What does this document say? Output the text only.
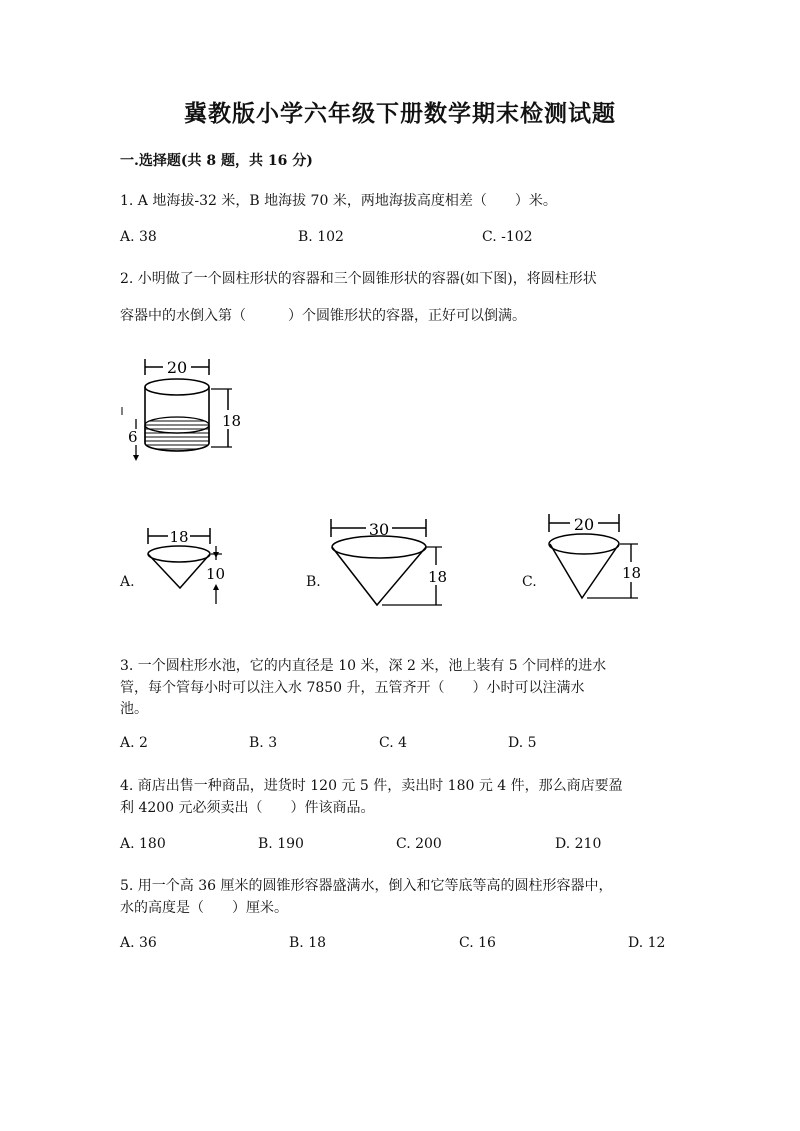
冀教版小学六年级下册数学期末检测试题
一.选择题(共 8 题，共 16 分)
1. A 地海拔-32 米，B 地海拔 70 米，两地海拔高度相差（　　）米。
A. 38	B. 102	C. -102
2. 小明做了一个圆柱形状的容器和三个圆锥形状的容器(如下图)，将圆柱形状
容器中的水倒入第（　　　）个圆锥形状的容器，正好可以倒满。
20
18
6
A.
18
10	B.
30
18	C.
20
18
3. 一个圆柱形水池，它的内直径是 10 米，深 2 米，池上装有 5 个同样的进水
管，每个管每小时可以注入水 7850 升，五管齐开（　　）小时可以注满水
池。
A. 2	B. 3	C. 4	D. 5
4. 商店出售一种商品，进货时 120 元 5 件，卖出时 180 元 4 件，那么商店要盈
利 4200 元必须卖出（　　）件该商品。
A. 180	B. 190	C. 200	D. 210
5. 用一个高 36 厘米的圆锥形容器盛满水，倒入和它等底等高的圆柱形容器中，
水的高度是（　　）厘米。
A. 36	B. 18	C. 16	D. 12
